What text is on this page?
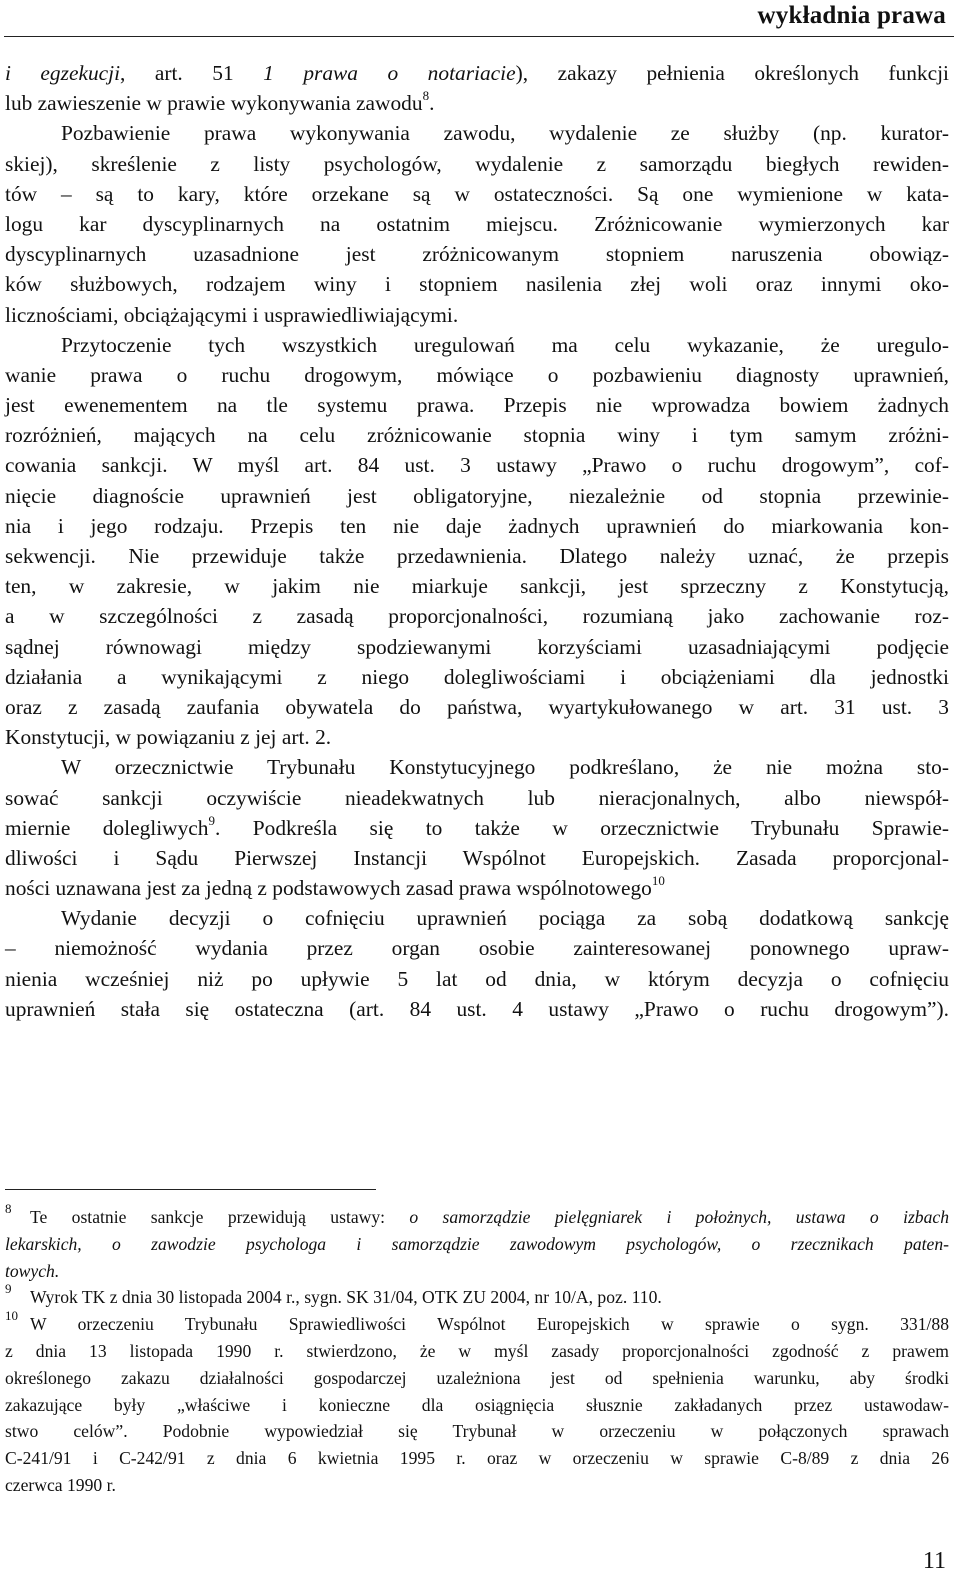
wykładnia prawa
i egzekucji, art. 51 1 prawa o notariacie), zakazy pełnienia określonych funkcji
lub zawieszenie w prawie wykonywania zawodu$^8$.
Pozbawienie prawa wykonywania zawodu, wydalenie ze służby (np. kurator-
skiej), skreślenie z listy psychologów, wydalenie z samorządu biegłych rewiden-
tów – są to kary, które orzekane są w ostateczności. Są one wymienione w kata-
logu kar dyscyplinarnych na ostatnim miejscu. Zróżnicowanie wymierzonych kar
dyscyplinarnych uzasadnione jest zróżnicowanym stopniem naruszenia obowiąz-
ków służbowych, rodzajem winy i stopniem nasilenia złej woli oraz innymi oko-
licznościami, obciążającymi i usprawiedliwiającymi.
Przytoczenie tych wszystkich uregulowań ma celu wykazanie, że uregulo-
wanie prawa o ruchu drogowym, mówiące o pozbawieniu diagnosty uprawnień,
jest ewenementem na tle systemu prawa. Przepis nie wprowadza bowiem żadnych
rozróżnień, mających na celu zróżnicowanie stopnia winy i tym samym zróżni-
cowania sankcji. W myśl art. 84 ust. 3 ustawy „Prawo o ruchu drogowym”, cof-
nięcie diagnoście uprawnień jest obligatoryjne, niezależnie od stopnia przewinie-
nia i jego rodzaju. Przepis ten nie daje żadnych uprawnień do miarkowania kon-
sekwencji. Nie przewiduje także przedawnienia. Dlatego należy uznać, że przepis
ten, w zakresie, w jakim nie miarkuje sankcji, jest sprzeczny z Konstytucją,
a w szczególności z zasadą proporcjonalności, rozumianą jako zachowanie roz-
sądnej równowagi między spodziewanymi korzyściami uzasadniającymi podjęcie
działania a wynikającymi z niego dolegliwościami i obciążeniami dla jednostki
oraz z zasadą zaufania obywatela do państwa, wyartykułowanego w art. 31 ust. 3
Konstytucji, w powiązaniu z jej art. 2.
W orzecznictwie Trybunału Konstytucyjnego podkreślano, że nie można sto-
sować sankcji oczywiście nieadekwatnych lub nieracjonalnych, albo niewspół-
miernie dolegliwych$^9$. Podkreśla się to także w orzecznictwie Trybunału Sprawie-
dliwości i Sądu Pierwszej Instancji Wspólnot Europejskich. Zasada proporcjonal-
ności uznawana jest za jedną z podstawowych zasad prawa wspólnotowego$^{10}$
Wydanie decyzji o cofnięciu uprawnień pociąga za sobą dodatkową sankcję
– niemożność wydania przez organ osobie zainteresowanej ponownego upraw-
nienia wcześniej niż po upływie 5 lat od dnia, w którym decyzja o cofnięciu
uprawnień stała się ostateczna (art. 84 ust. 4 ustawy „Prawo o ruchu drogowym”).
8 Te ostatnie sankcje przewidują ustawy: o samorządzie pielęgniarek i położnych, ustawa o izbach
lekarskich, o zawodzie psychologa i samorządzie zawodowym psychologów, o rzecznikach paten-
towych.
9 Wyrok TK z dnia 30 listopada 2004 r., sygn. SK 31/04, OTK ZU 2004, nr 10/A, poz. 110.
10 W orzeczeniu Trybunału Sprawiedliwości Wspólnot Europejskich w sprawie o sygn. 331/88
z dnia 13 listopada 1990 r. stwierdzono, że w myśl zasady proporcjonalności zgodność z prawem
określonego zakazu działalności gospodarczej uzależniona jest od spełnienia warunku, aby środki
zakazujące były „właściwe i konieczne dla osiągnięcia słusznie zakładanych przez ustawodaw-
stwo celów”. Podobnie wypowiedział się Trybunał w orzeczeniu w połączonych sprawach
C-241/91 i C-242/91 z dnia 6 kwietnia 1995 r. oraz w orzeczeniu w sprawie C-8/89 z dnia 26
czerwca 1990 r.
11
